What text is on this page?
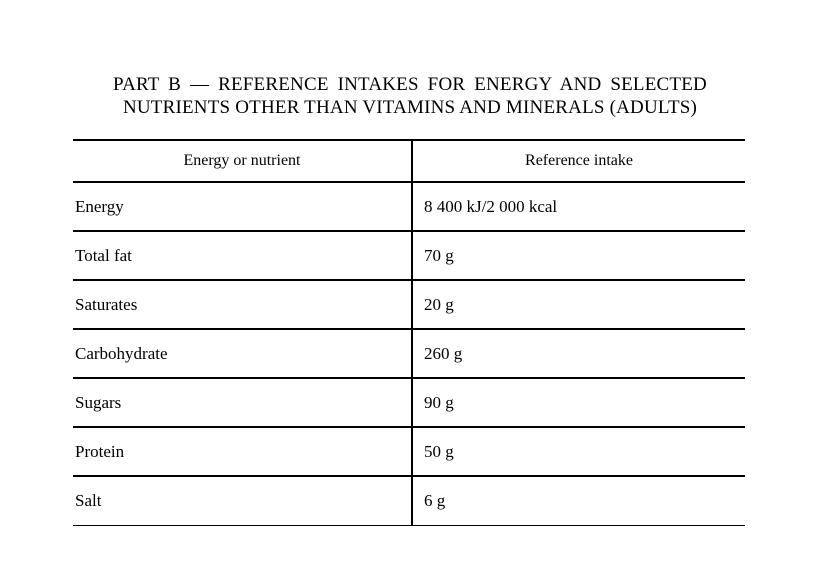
PART B — REFERENCE INTAKES FOR ENERGY AND SELECTED
NUTRIENTS OTHER THAN VITAMINS AND MINERALS (ADULTS)
Energy or nutrient	Reference intake
Energy	8 400 kJ/2 000 kcal
Total fat	70 g
Saturates	20 g
Carbohydrate	260 g
Sugars	90 g
Protein	50 g
Salt	6 g
